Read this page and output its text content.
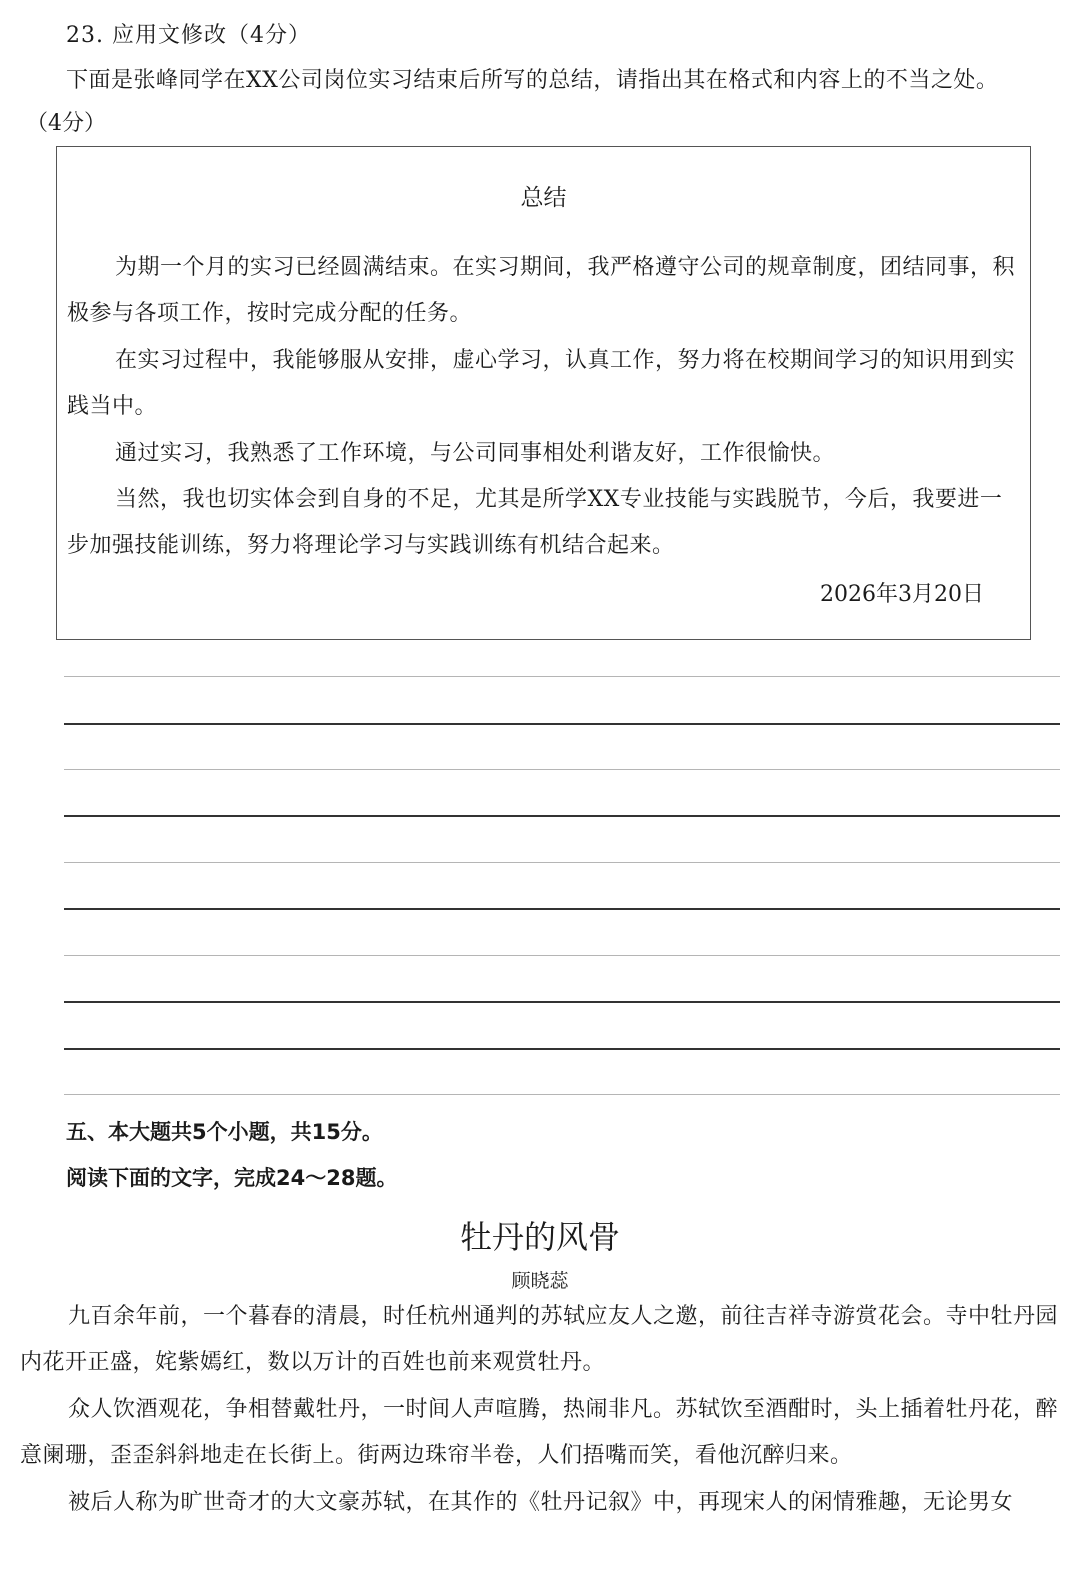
23. 应用文修改（4分）
下面是张峰同学在XX公司岗位实习结束后所写的总结，请指出其在格式和内容上的不当之处。
（4分）
总结
为期一个月的实习已经圆满结束。在实习期间，我严格遵守公司的规章制度，团结同事，积极参与各项工作，按时完成分配的任务。
在实习过程中，我能够服从安排，虚心学习，认真工作，努力将在校期间学习的知识用到实践当中。
通过实习，我熟悉了工作环境，与公司同事相处利谐友好，工作很愉快。
当然，我也切实体会到自身的不足，尤其是所学XX专业技能与实践脱节，今后，我要进一步加强技能训练，努力将理论学习与实践训练有机结合起来。
2026年3月20日
五、本大题共5个小题，共15分。
阅读下面的文字，完成24～28题。
牡丹的风骨
顾晓蕊
九百余年前，一个暮春的清晨，时任杭州通判的苏轼应友人之邀，前往吉祥寺游赏花会。寺中牡丹园内花开正盛，姹紫嫣红，数以万计的百姓也前来观赏牡丹。
众人饮酒观花，争相替戴牡丹，一时间人声喧腾，热闹非凡。苏轼饮至酒酣时，头上插着牡丹花，醉意阑珊，歪歪斜斜地走在长街上。街两边珠帘半卷，人们捂嘴而笑，看他沉醉归来。
被后人称为旷世奇才的大文豪苏轼，在其作的《牡丹记叙》中，再现宋人的闲情雅趣，无论男女
